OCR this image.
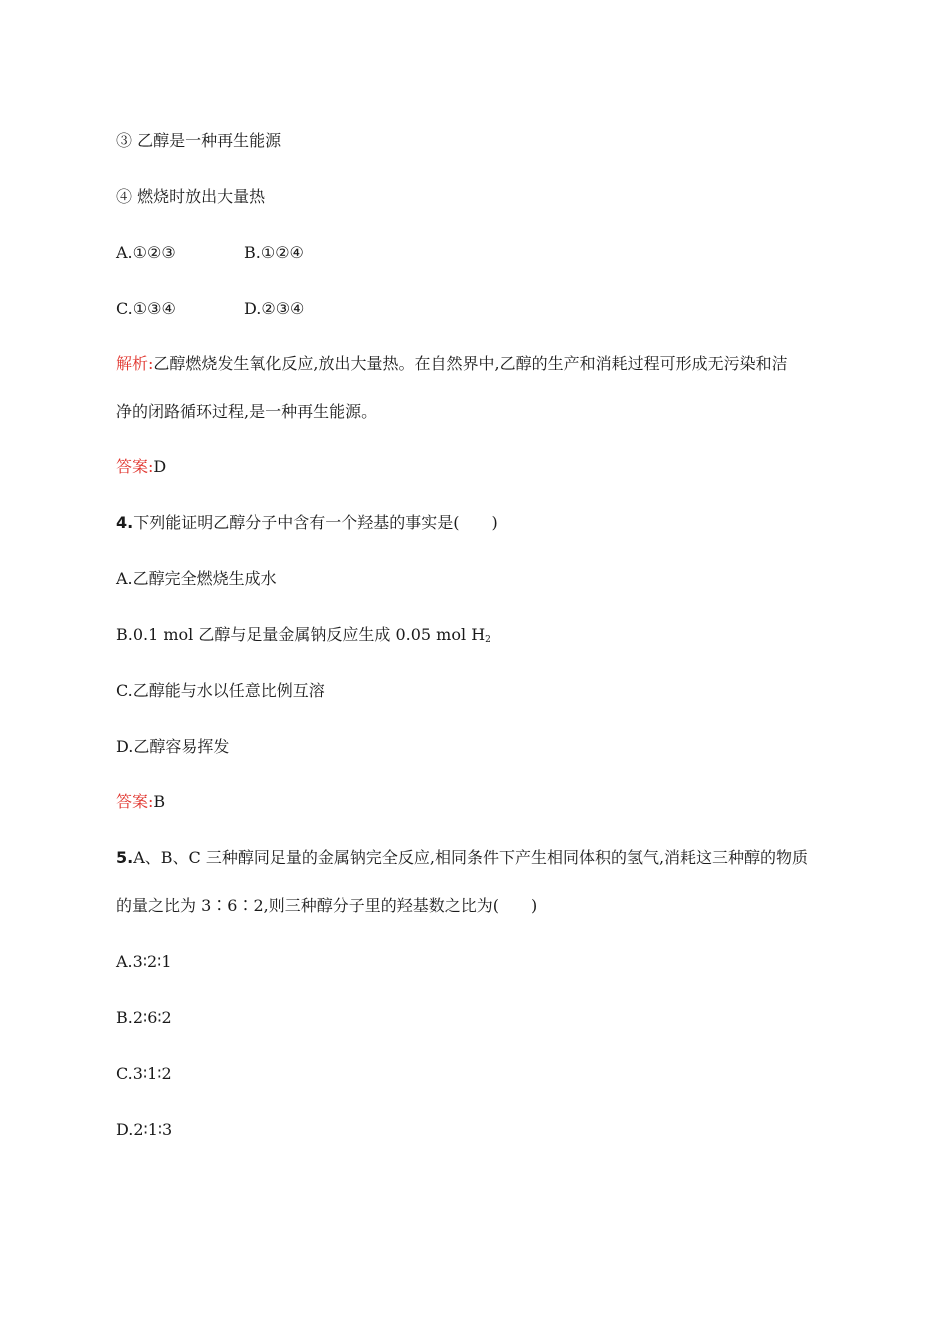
③ 乙醇是一种再生能源
④ 燃烧时放出大量热
A.①②③	B.①②④
C.①③④	D.②③④
解析:乙醇燃烧发生氧化反应,放出大量热。在自然界中,乙醇的生产和消耗过程可形成无污染和洁
净的闭路循环过程,是一种再生能源。
答案:D
4.下列能证明乙醇分子中含有一个羟基的事实是(　　)
A.乙醇完全燃烧生成水
B.0.1 mol 乙醇与足量金属钠反应生成 0.05 mol $H_2$
C.乙醇能与水以任意比例互溶
D.乙醇容易挥发
答案:B
5.A、B、C 三种醇同足量的金属钠完全反应,相同条件下产生相同体积的氢气,消耗这三种醇的物质
的量之比为 3∶6∶2,则三种醇分子里的羟基数之比为(　　)
A.3∶2∶1
B.2∶6∶2
C.3∶1∶2
D.2∶1∶3
